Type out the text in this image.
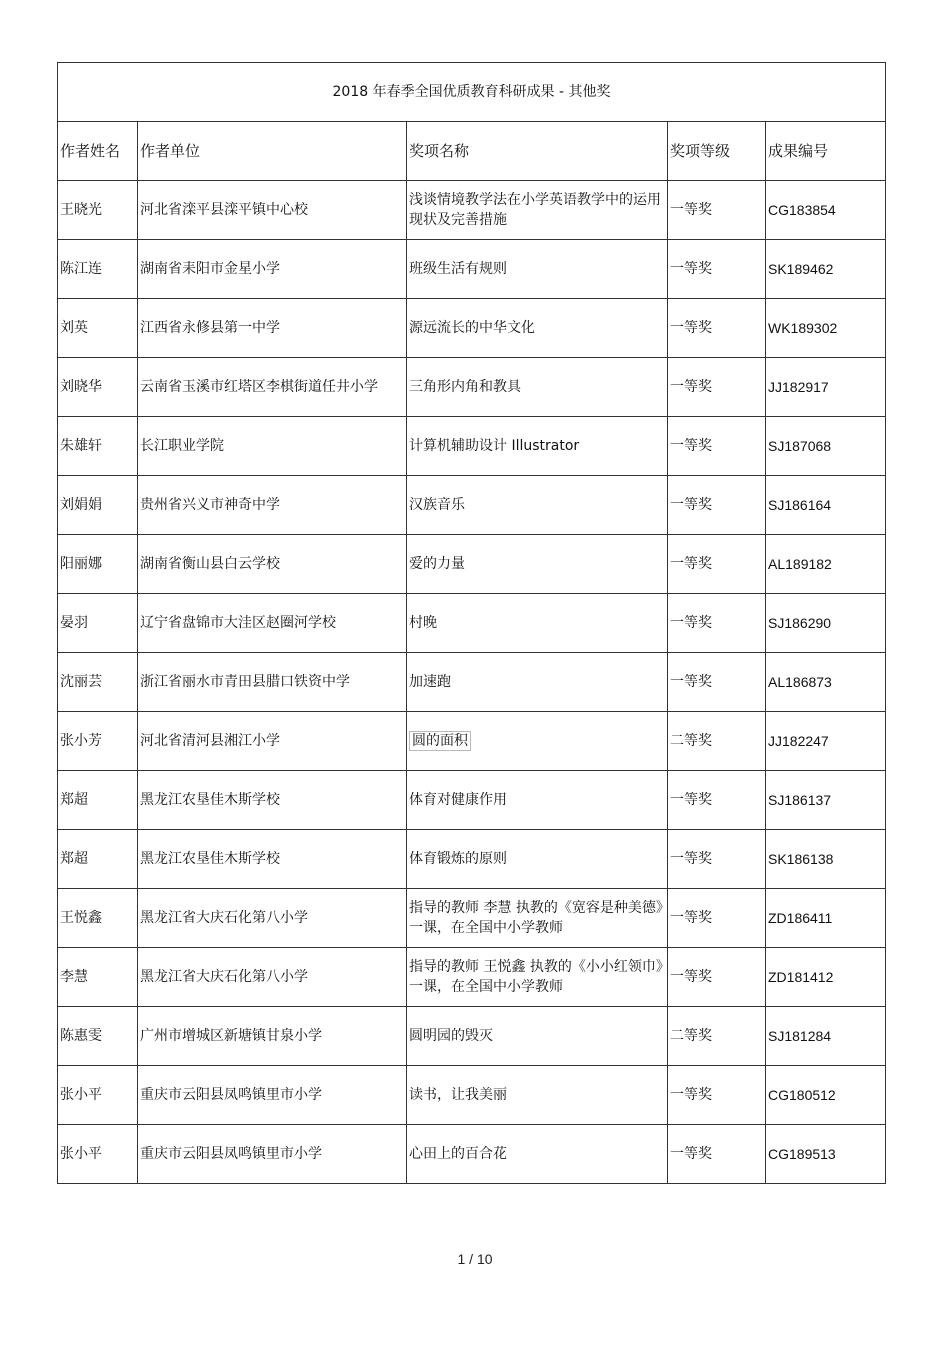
2018 年春季全国优质教育科研成果 - 其他奖				
作者姓名	作者单位	奖项名称	奖项等级	成果编号
王晓光	河北省滦平县滦平镇中心校	浅谈情境教学法在小学英语教学中的运用现状及完善措施	一等奖	CG183854
陈江连	湖南省耒阳市金星小学	班级生活有规则	一等奖	SK189462
刘英	江西省永修县第一中学	源远流长的中华文化	一等奖	WK189302
刘晓华	云南省玉溪市红塔区李棋街道任井小学	三角形内角和教具	一等奖	JJ182917
朱雄轩	长江职业学院	计算机辅助设计 Illustrator	一等奖	SJ187068
刘娟娟	贵州省兴义市神奇中学	汉族音乐	一等奖	SJ186164
阳丽娜	湖南省衡山县白云学校	爱的力量	一等奖	AL189182
晏羽	辽宁省盘锦市大洼区赵圈河学校	村晚	一等奖	SJ186290
沈丽芸	浙江省丽水市青田县腊口铁资中学	加速跑	一等奖	AL186873
张小芳	河北省清河县湘江小学	圆的面积	二等奖	JJ182247
郑超	黑龙江农垦佳木斯学校	体育对健康作用	一等奖	SJ186137
郑超	黑龙江农垦佳木斯学校	体育锻炼的原则	一等奖	SK186138
王悦鑫	黑龙江省大庆石化第八小学	指导的教师 李慧 执教的《宽容是种美德》一课，在全国中小学教师	一等奖	ZD186411
李慧	黑龙江省大庆石化第八小学	指导的教师 王悦鑫 执教的《小小红领巾》一课，在全国中小学教师	一等奖	ZD181412
陈惠雯	广州市增城区新塘镇甘泉小学	圆明园的毁灭	二等奖	SJ181284
张小平	重庆市云阳县凤鸣镇里市小学	读书，让我美丽	一等奖	CG180512
张小平	重庆市云阳县凤鸣镇里市小学	心田上的百合花	一等奖	CG189513
1 / 10
